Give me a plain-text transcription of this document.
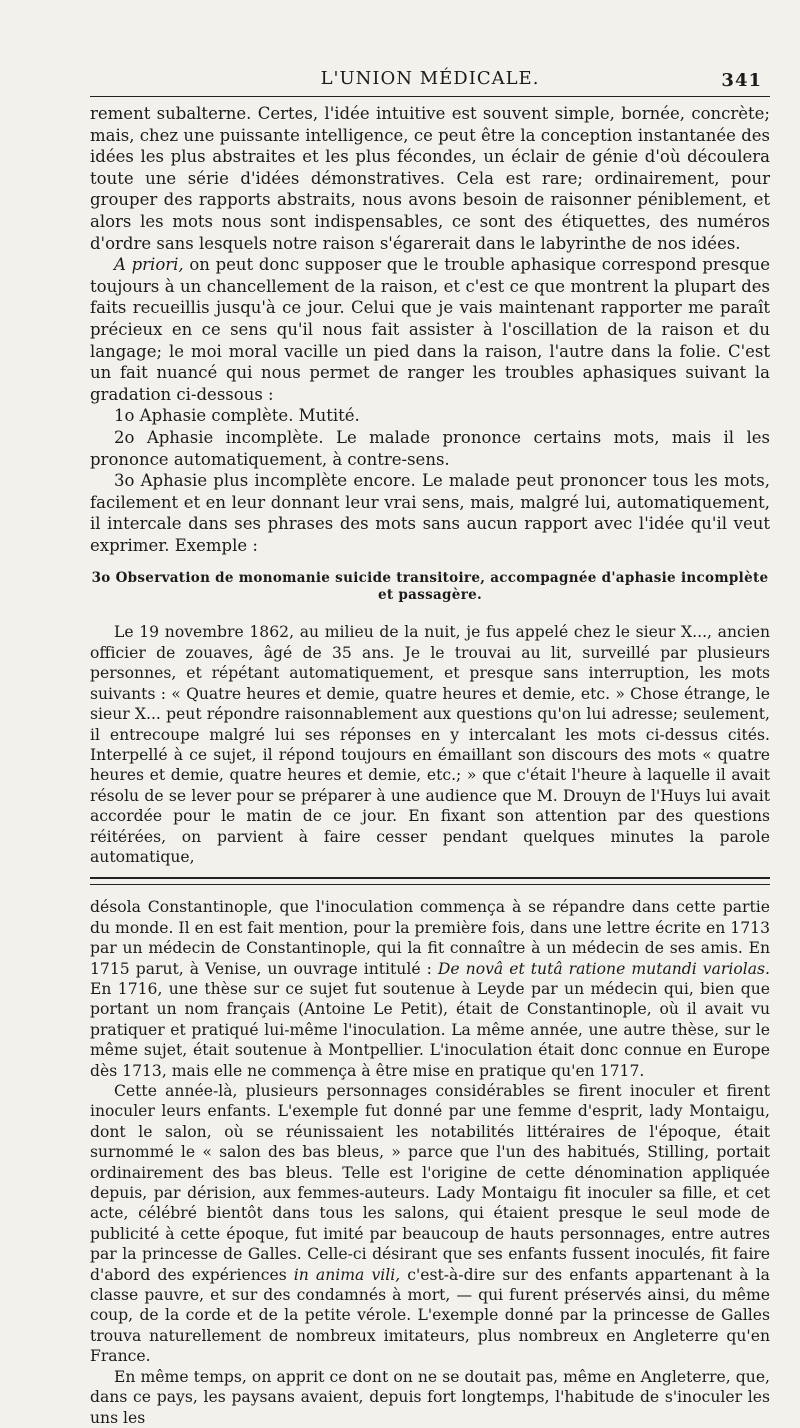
L'UNION MÉDICALE.	341

rement subalterne. Certes, l'idée intuitive est souvent simple, bornée, concrète; mais, chez une puissante intelligence, ce peut être la conception instantanée des idées les plus abstraites et les plus fécondes, un éclair de génie d'où découlera toute une série d'idées démonstratives. Cela est rare; ordinairement, pour grouper des rapports abstraits, nous avons besoin de raisonner péniblement, et alors les mots nous sont indispensables, ce sont des étiquettes, des numéros d'ordre sans lesquels notre raison s'égarerait dans le labyrinthe de nos idées.

A priori, on peut donc supposer que le trouble aphasique correspond presque toujours à un chancellement de la raison, et c'est ce que montrent la plupart des faits recueillis jusqu'à ce jour. Celui que je vais maintenant rapporter me paraît précieux en ce sens qu'il nous fait assister à l'oscillation de la raison et du langage; le moi moral vacille un pied dans la raison, l'autre dans la folie. C'est un fait nuancé qui nous permet de ranger les troubles aphasiques suivant la gradation ci-dessous :

1o Aphasie complète. Mutité.

2o Aphasie incomplète. Le malade prononce certains mots, mais il les prononce automatiquement, à contre-sens.

3o Aphasie plus incomplète encore. Le malade peut prononcer tous les mots, facilement et en leur donnant leur vrai sens, mais, malgré lui, automatiquement, il intercale dans ses phrases des mots sans aucun rapport avec l'idée qu'il veut exprimer. Exemple :

3o Observation de monomanie suicide transitoire, accompagnée d'aphasie incomplète et passagère.

Le 19 novembre 1862, au milieu de la nuit, je fus appelé chez le sieur X..., ancien officier de zouaves, âgé de 35 ans. Je le trouvai au lit, surveillé par plusieurs personnes, et répétant automatiquement, et presque sans interruption, les mots suivants : « Quatre heures et demie, quatre heures et demie, etc. » Chose étrange, le sieur X... peut répondre raisonnablement aux questions qu'on lui adresse; seulement, il entrecoupe malgré lui ses réponses en y intercalant les mots ci-dessus cités. Interpellé à ce sujet, il répond toujours en émaillant son discours des mots « quatre heures et demie, quatre heures et demie, etc.; » que c'était l'heure à laquelle il avait résolu de se lever pour se préparer à une audience que M. Drouyn de l'Huys lui avait accordée pour le matin de ce jour. En fixant son attention par des questions réitérées, on parvient à faire cesser pendant quelques minutes la parole automatique,

désola Constantinople, que l'inoculation commença à se répandre dans cette partie du monde. Il en est fait mention, pour la première fois, dans une lettre écrite en 1713 par un médecin de Constantinople, qui la fit connaître à un médecin de ses amis. En 1715 parut, à Venise, un ouvrage intitulé : De novâ et tutâ ratione mutandi variolas. En 1716, une thèse sur ce sujet fut soutenue à Leyde par un médecin qui, bien que portant un nom français (Antoine Le Petit), était de Constantinople, où il avait vu pratiquer et pratiqué lui-même l'inoculation. La même année, une autre thèse, sur le même sujet, était soutenue à Montpellier. L'inoculation était donc connue en Europe dès 1713, mais elle ne commença à être mise en pratique qu'en 1717.

Cette année-là, plusieurs personnages considérables se firent inoculer et firent inoculer leurs enfants. L'exemple fut donné par une femme d'esprit, lady Montaigu, dont le salon, où se réunissaient les notabilités littéraires de l'époque, était surnommé le « salon des bas bleus, » parce que l'un des habitués, Stilling, portait ordinairement des bas bleus. Telle est l'origine de cette dénomination appliquée depuis, par dérision, aux femmes-auteurs. Lady Montaigu fit inoculer sa fille, et cet acte, célébré bientôt dans tous les salons, qui étaient presque le seul mode de publicité à cette époque, fut imité par beaucoup de hauts personnages, entre autres par la princesse de Galles. Celle-ci désirant que ses enfants fussent inoculés, fit faire d'abord des expériences in anima vili, c'est-à-dire sur des enfants appartenant à la classe pauvre, et sur des condamnés à mort, — qui furent préservés ainsi, du même coup, de la corde et de la petite vérole. L'exemple donné par la princesse de Galles trouva naturellement de nombreux imitateurs, plus nombreux en Angleterre qu'en France.

En même temps, on apprit ce dont on ne se doutait pas, même en Angleterre, que, dans ce pays, les paysans avaient, depuis fort longtemps, l'habitude de s'inoculer les uns les
